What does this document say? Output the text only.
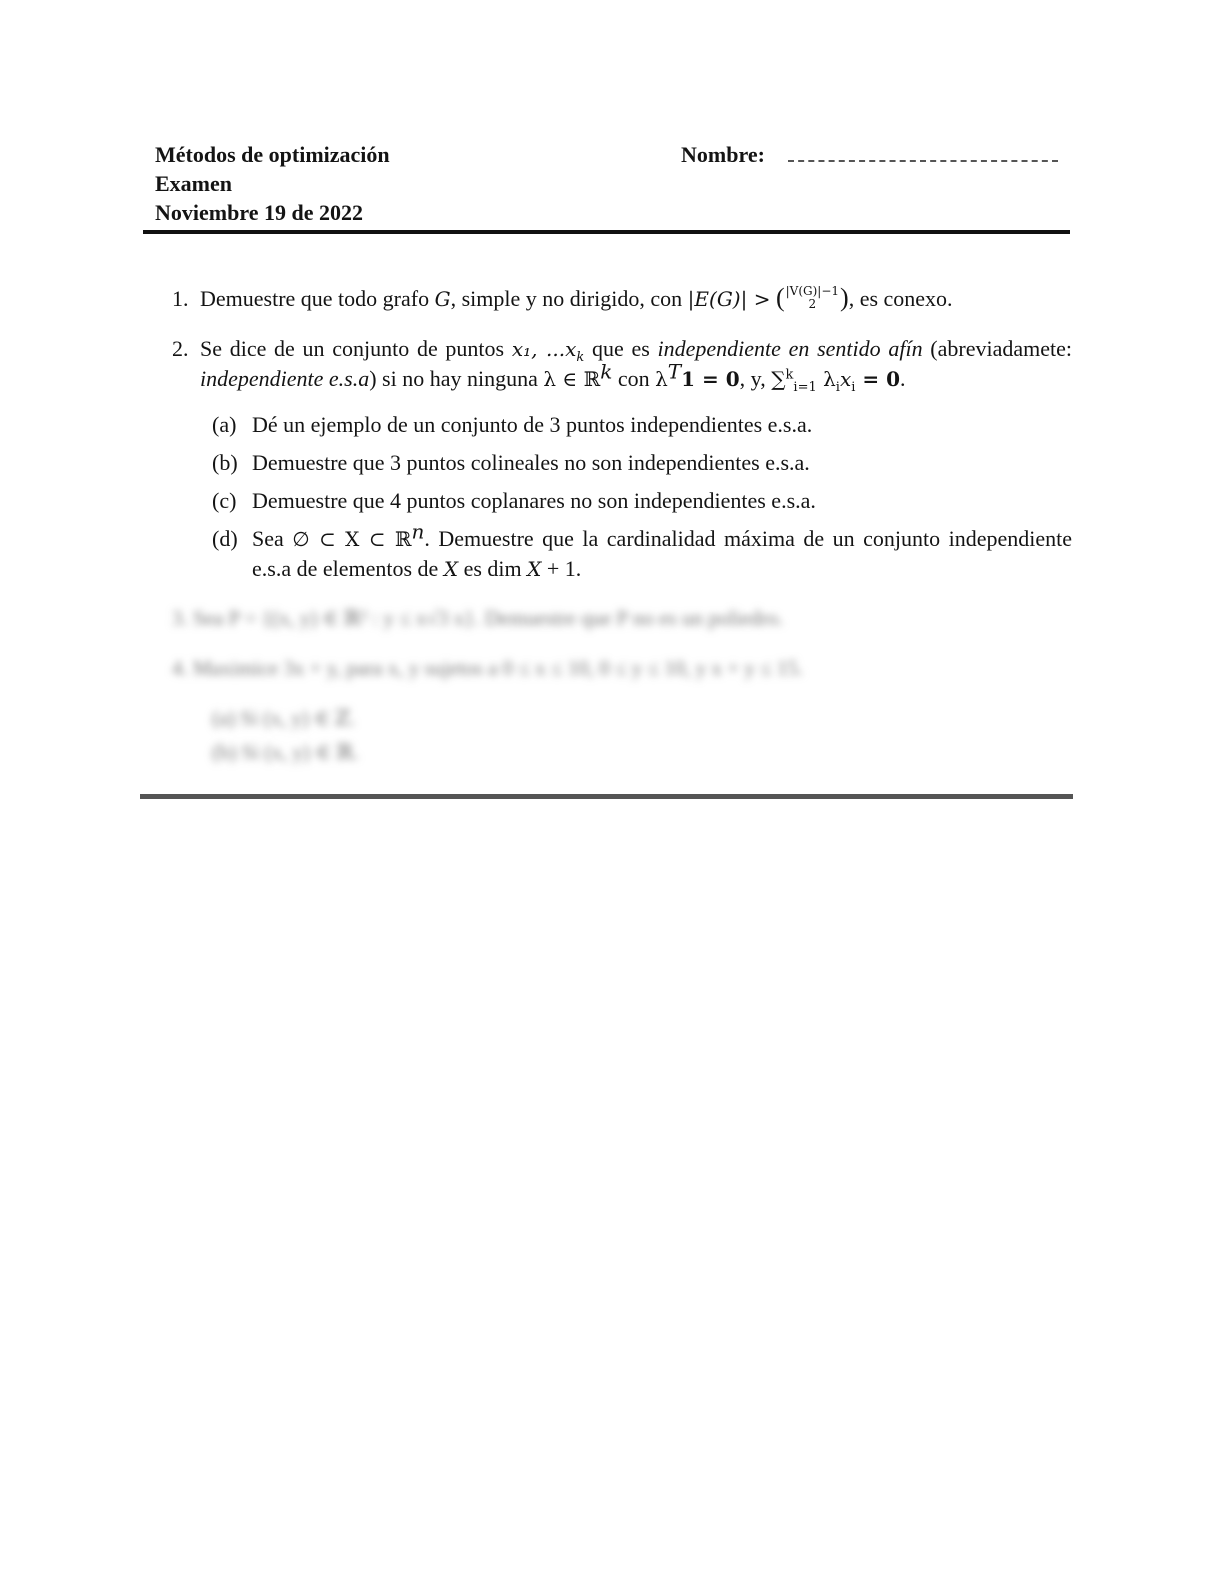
Métodos de optimización
Examen
Noviembre 19 de 2022
Nombre:
1. Demuestre que todo grafo G, simple y no dirigido, con |E(G)| > ( |V(G)|−1
2 ) , es conexo.

2. Se dice de un conjunto de puntos x₁, $...x_k$ que es independiente en sentido afín (abreviadamete: independiente e.s.a) si no hay ninguna λ ∈ ℝ$^k$ con $\lambda^T1 = 0$, y, ∑$^k_{i=1}$ $\lambda_ix_i = 0$.

(a) Dé un ejemplo de un conjunto de 3 puntos independientes e.s.a.
(b) Demuestre que 3 puntos colineales no son independientes e.s.a.
(c) Demuestre que 4 puntos coplanares no son independientes e.s.a.
(d) Sea ∅ ⊂ X ⊂ ℝ$^n$. Demuestre que la cardinalidad máxima de un conjunto independiente e.s.a de elementos de X es dim X + 1.
3. Sea P = {(x, y) ∈ ℝ² : y ≤ x√3 x}. Demuestre que P no es un poliedro.
4. Maximice 3x + y, para x, y sujetos a 0 ≤ x ≤ 10, 0 ≤ y ≤ 10, y x + y ≤ 15.
(a) Si (x, y) ∈ ℤ.
(b) Si (x, y) ∈ ℝ.
